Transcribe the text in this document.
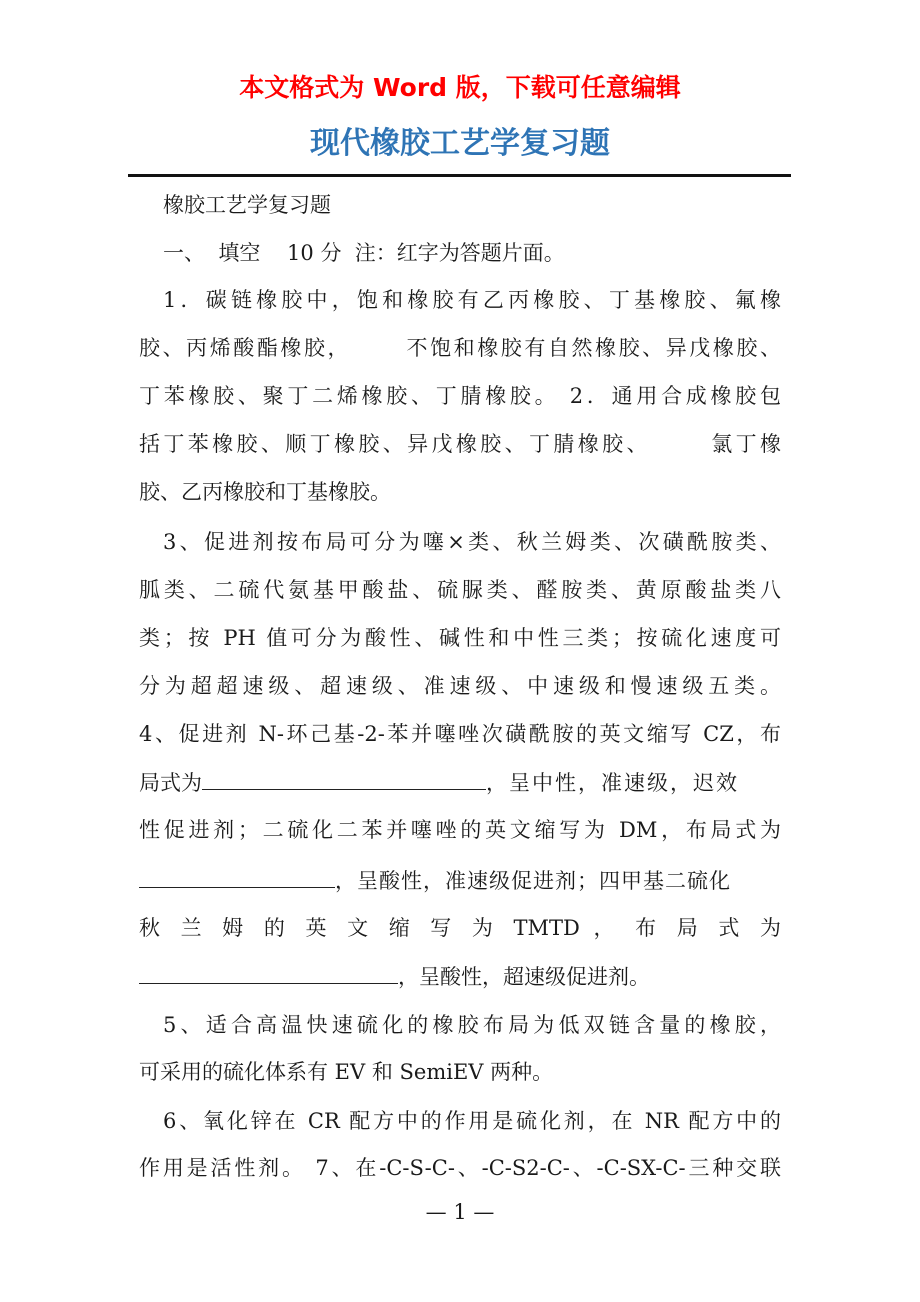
本文格式为 Word 版，下载可任意编辑
现代橡胶工艺学复习题
橡胶工艺学复习题
一、  填空    10 分  注：红字为答题片面。
1．碳链橡胶中，饱和橡胶有乙丙橡胶、丁基橡胶、氟橡
胶、丙烯酸酯橡胶，      不饱和橡胶有自然橡胶、异戊橡胶、
丁苯橡胶、聚丁二烯橡胶、丁腈橡胶。 2．通用合成橡胶包
括丁苯橡胶、顺丁橡胶、异戊橡胶、丁腈橡胶、      氯丁橡
胶、乙丙橡胶和丁基橡胶。
3、促进剂按布局可分为噻×类、秋兰姆类、次磺酰胺类、
胍类、二硫代氨基甲酸盐、硫脲类、醛胺类、黄原酸盐类八
类；按 PH 值可分为酸性、碱性和中性三类；按硫化速度可
分为超超速级、超速级、准速级、中速级和慢速级五类。
4、促进剂 N-环己基-2-苯并噻唑次磺酰胺的英文缩写 CZ，布
局式为	，呈中性，准速级，迟效
性促进剂；二硫化二苯并噻唑的英文缩写为 DM，布局式为
，呈酸性，准速级促进剂；四甲基二硫化
秋 兰 姆 的 英 文 缩 写 为 TMTD ， 布 局 式 为
，呈酸性，超速级促进剂。
5、适合高温快速硫化的橡胶布局为低双链含量的橡胶，
可采用的硫化体系有 EV 和 SemiEV 两种。
6、氧化锌在 CR 配方中的作用是硫化剂，在 NR 配方中的
作用是活性剂。 7、在-C-S-C-、-C-S2-C-、-C-SX-C-三种交联
— 1 —
